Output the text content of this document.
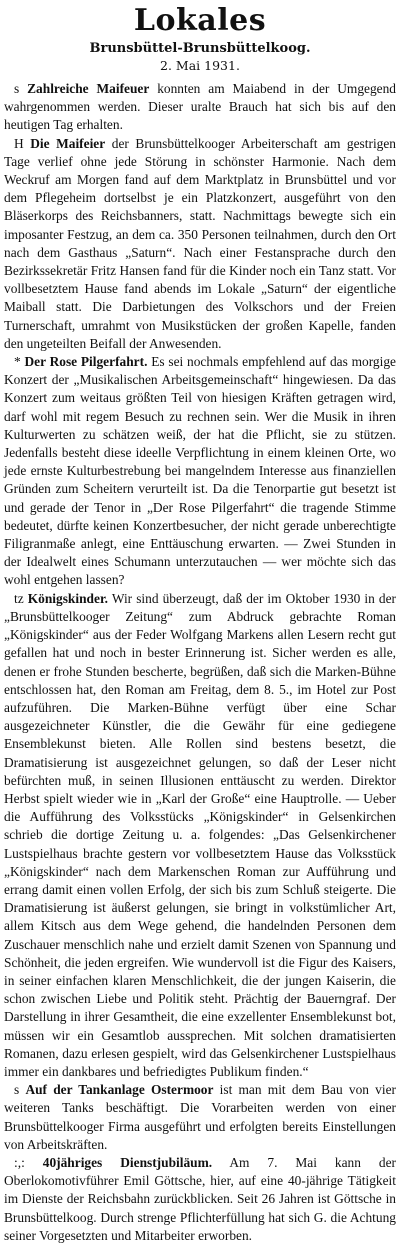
Lokales
Brunsbüttel-Brunsbüttelkoog.
2. Mai 1931.

s Zahlreiche Maifeuer konnten am Maiabend in der Umgegend wahrgenommen werden. Dieser uralte Brauch hat sich bis auf den heutigen Tag erhalten.

H Die Maifeier der Brunsbüttelkooger Arbeiterschaft am gestrigen Tage verlief ohne jede Störung in schönster Harmonie. Nach dem Weckruf am Morgen fand auf dem Marktplatz in Brunsbüttel und vor dem Pflegeheim dortselbst je ein Platzkonzert, ausgeführt von den Bläserkorps des Reichsbanners, statt. Nachmittags bewegte sich ein imposanter Festzug, an dem ca. 350 Personen teilnahmen, durch den Ort nach dem Gasthaus „Saturn“. Nach einer Festansprache durch den Bezirkssekretär Fritz Hansen fand für die Kinder noch ein Tanz statt. Vor vollbesetztem Hause fand abends im Lokale „Saturn“ der eigentliche Maiball statt. Die Darbietungen des Volkschors und der Freien Turnerschaft, umrahmt von Musikstücken der großen Kapelle, fanden den ungeteilten Beifall der Anwesenden.

* Der Rose Pilgerfahrt. Es sei nochmals empfehlend auf das morgige Konzert der „Musikalischen Arbeitsgemeinschaft“ hingewiesen. Da das Konzert zum weitaus größten Teil von hiesigen Kräften getragen wird, darf wohl mit regem Besuch zu rechnen sein. Wer die Musik in ihren Kulturwerten zu schätzen weiß, der hat die Pflicht, sie zu stützen. Jedenfalls besteht diese ideelle Verpflichtung in einem kleinen Orte, wo jede ernste Kulturbestrebung bei mangelndem Interesse aus finanziellen Gründen zum Scheitern verurteilt ist. Da die Tenorpartie gut besetzt ist und gerade der Tenor in „Der Rose Pilgerfahrt“ die tragende Stimme bedeutet, dürfte keinen Konzertbesucher, der nicht gerade unberechtigte Filigranmaße anlegt, eine Enttäuschung erwarten. — Zwei Stunden in der Idealwelt eines Schumann unterzutauchen — wer möchte sich das wohl entgehen lassen?

tz Königskinder. Wir sind überzeugt, daß der im Oktober 1930 in der „Brunsbüttelkooger Zeitung“ zum Abdruck gebrachte Roman „Königskinder“ aus der Feder Wolfgang Markens allen Lesern recht gut gefallen hat und noch in bester Erinnerung ist. Sicher werden es alle, denen er frohe Stunden bescherte, begrüßen, daß sich die Marken-Bühne entschlossen hat, den Roman am Freitag, dem 8. 5., im Hotel zur Post aufzuführen. Die Marken-Bühne verfügt über eine Schar ausgezeichneter Künstler, die die Gewähr für eine gediegene Ensemblekunst bieten. Alle Rollen sind bestens besetzt, die Dramatisierung ist ausgezeichnet gelungen, so daß der Leser nicht befürchten muß, in seinen Illusionen enttäuscht zu werden. Direktor Herbst spielt wieder wie in „Karl der Große“ eine Hauptrolle. — Ueber die Aufführung des Volksstücks „Königskinder“ in Gelsenkirchen schrieb die dortige Zeitung u. a. folgendes: „Das Gelsenkirchener Lustspielhaus brachte gestern vor vollbesetztem Hause das Volksstück „Königskinder“ nach dem Markenschen Roman zur Aufführung und errang damit einen vollen Erfolg, der sich bis zum Schluß steigerte. Die Dramatisierung ist äußerst gelungen, sie bringt in volkstümlicher Art, allem Kitsch aus dem Wege gehend, die handelnden Personen dem Zuschauer menschlich nahe und erzielt damit Szenen von Spannung und Schönheit, die jeden ergreifen. Wie wundervoll ist die Figur des Kaisers, in seiner einfachen klaren Menschlichkeit, die der jungen Kaiserin, die schon zwischen Liebe und Politik steht. Prächtig der Bauerngraf. Der Darstellung in ihrer Gesamtheit, die eine exzellenter Ensemblekunst bot, müssen wir ein Gesamtlob aussprechen. Mit solchen dramatisierten Romanen, dazu erlesen gespielt, wird das Gelsenkirchener Lustspielhaus immer ein dankbares und befriedigtes Publikum finden.“

s Auf der Tankanlage Ostermoor ist man mit dem Bau von vier weiteren Tanks beschäftigt. Die Vorarbeiten werden von einer Brunsbüttelkooger Firma ausgeführt und erfolgten bereits Einstellungen von Arbeitskräften.

:,: 40jähriges Dienstjubiläum. Am 7. Mai kann der Oberlokomotivführer Emil Göttsche, hier, auf eine 40-jährige Tätigkeit im Dienste der Reichsbahn zurückblicken. Seit 26 Jahren ist Göttsche in Brunsbüttelkoog. Durch strenge Pflichterfüllung hat sich G. die Achtung seiner Vorgesetzten und Mitarbeiter erworben.
